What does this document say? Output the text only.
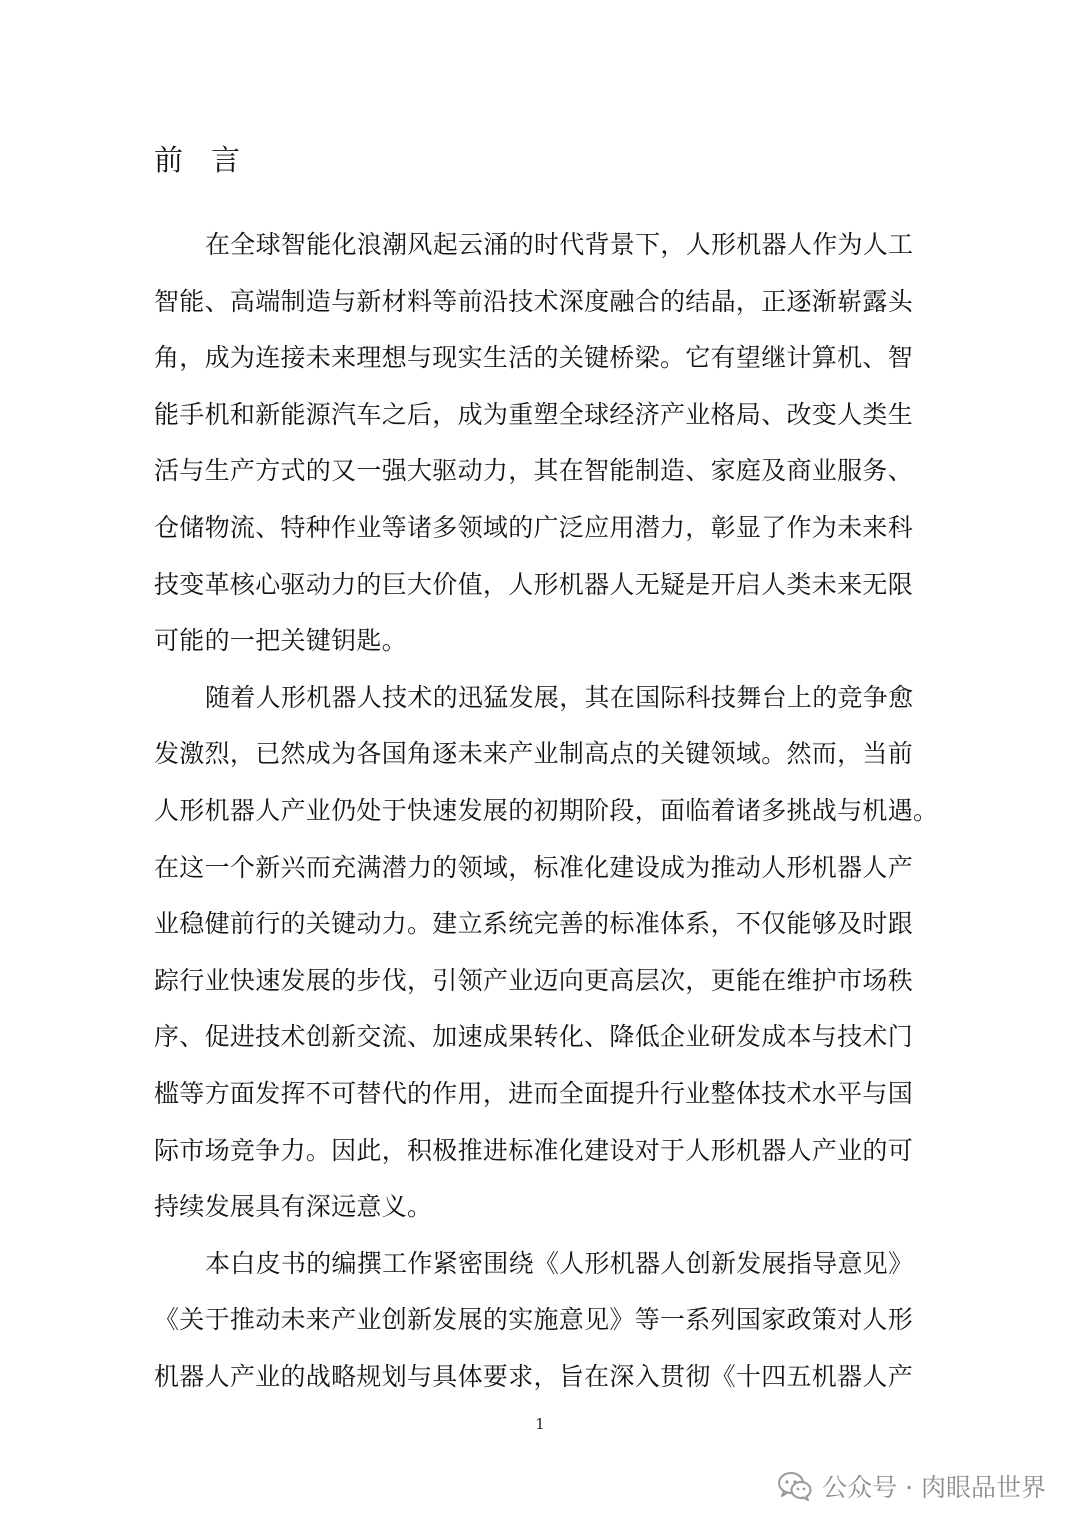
前言
在全球智能化浪潮风起云涌的时代背景下，人形机器人作为人工
智能、高端制造与新材料等前沿技术深度融合的结晶，正逐渐崭露头
角，成为连接未来理想与现实生活的关键桥梁。它有望继计算机、智
能手机和新能源汽车之后，成为重塑全球经济产业格局、改变人类生
活与生产方式的又一强大驱动力，其在智能制造、家庭及商业服务、
仓储物流、特种作业等诸多领域的广泛应用潜力，彰显了作为未来科
技变革核心驱动力的巨大价值，人形机器人无疑是开启人类未来无限
可能的一把关键钥匙。
随着人形机器人技术的迅猛发展，其在国际科技舞台上的竞争愈
发激烈，已然成为各国角逐未来产业制高点的关键领域。然而，当前
人形机器人产业仍处于快速发展的初期阶段，面临着诸多挑战与机遇。
在这一个新兴而充满潜力的领域，标准化建设成为推动人形机器人产
业稳健前行的关键动力。建立系统完善的标准体系，不仅能够及时跟
踪行业快速发展的步伐，引领产业迈向更高层次，更能在维护市场秩
序、促进技术创新交流、加速成果转化、降低企业研发成本与技术门
槛等方面发挥不可替代的作用，进而全面提升行业整体技术水平与国
际市场竞争力。因此，积极推进标准化建设对于人形机器人产业的可
持续发展具有深远意义。
本白皮书的编撰工作紧密围绕《人形机器人创新发展指导意见》
《关于推动未来产业创新发展的实施意见》等一系列国家政策对人形
机器人产业的战略规划与具体要求，旨在深入贯彻《十四五机器人产
1
公众号 · 肉眼品世界
